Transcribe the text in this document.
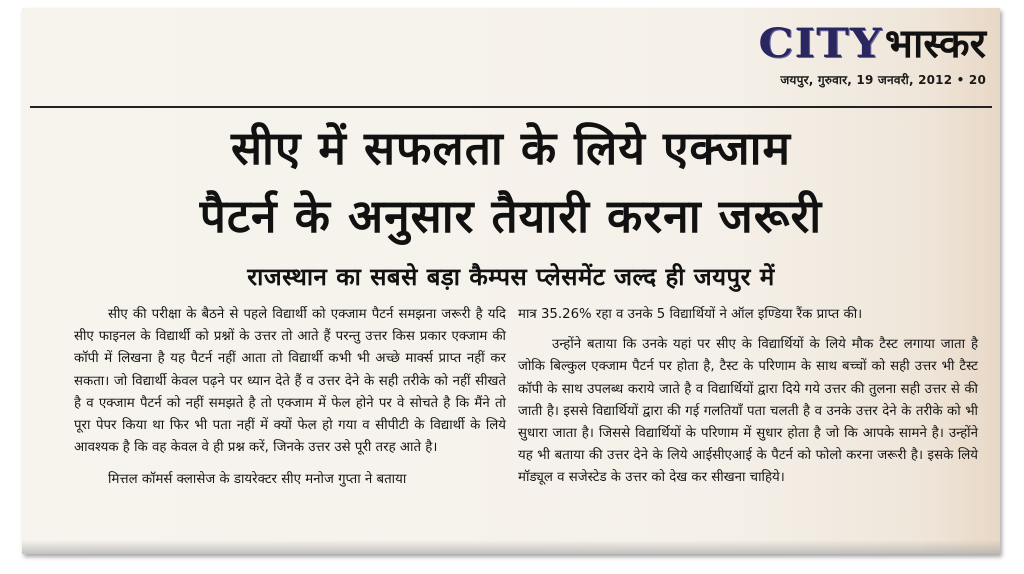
CITY भास्कर
जयपुर, गुरुवार, 19 जनवरी, 2012 • 20
सीए में सफलता के लिये एक्जाम
पैटर्न के अनुसार तैयारी करना जरूरी
राजस्थान का सबसे बड़ा कैम्पस प्लेसमेंट जल्द ही जयपुर में

सीए की परीक्षा के बैठने से पहले विद्यार्थी को एक्जाम पैटर्न समझना जरूरी है यदि सीए फाइनल के विद्यार्थी को प्रश्नों के उत्तर तो आते हैं परन्तु उत्तर किस प्रकार एक्जाम की कॉपी में लिखना है यह पैटर्न नहीं आता तो विद्यार्थी कभी भी अच्छे मार्क्स प्राप्त नहीं कर सकता। जो विद्यार्थी केवल पढ़ने पर ध्यान देते हैं व उत्तर देने के सही तरीके को नहीं सीखते है व एक्जाम पैटर्न को नहीं समझते है तो एक्जाम में फेल होने पर वे सोचते है कि मैंने तो पूरा पेपर किया था फिर भी पता नहीं में क्यों फेल हो गया व सीपीटी के विद्यार्थी के लिये आवश्यक है कि वह केवल वे ही प्रश्न करें, जिनके उत्तर उसे पूरी तरह आते है।

मित्तल कॉमर्स क्लासेज के डायरेक्टर सीए मनोज गुप्ता ने बताया

मात्र 35.26% रहा व उनके 5 विद्यार्थियों ने ऑल इण्डिया रैंक प्राप्त की।

उन्होंने बताया कि उनके यहां पर सीए के विद्यार्थियों के लिये मौक टैस्ट लगाया जाता है जोकि बिल्कुल एक्जाम पैटर्न पर होता है, टैस्ट के परिणाम के साथ बच्चों को सही उत्तर भी टैस्ट कॉपी के साथ उपलब्ध कराये जाते है व विद्यार्थियों द्वारा दिये गये उत्तर की तुलना सही उत्तर से की जाती है। इससे विद्यार्थियों द्वारा की गई गलतियाँ पता चलती है व उनके उत्तर देने के तरीके को भी सुधारा जाता है। जिससे विद्यार्थियों के परिणाम में सुधार होता है जो कि आपके सामने है। उन्होंने यह भी बताया की उत्तर देने के लिये आईसीएआई के पैटर्न को फोलो करना जरूरी है। इसके लिये मॉड्यूल व सजेस्टेड के उत्तर को देख कर सीखना चाहिये।
